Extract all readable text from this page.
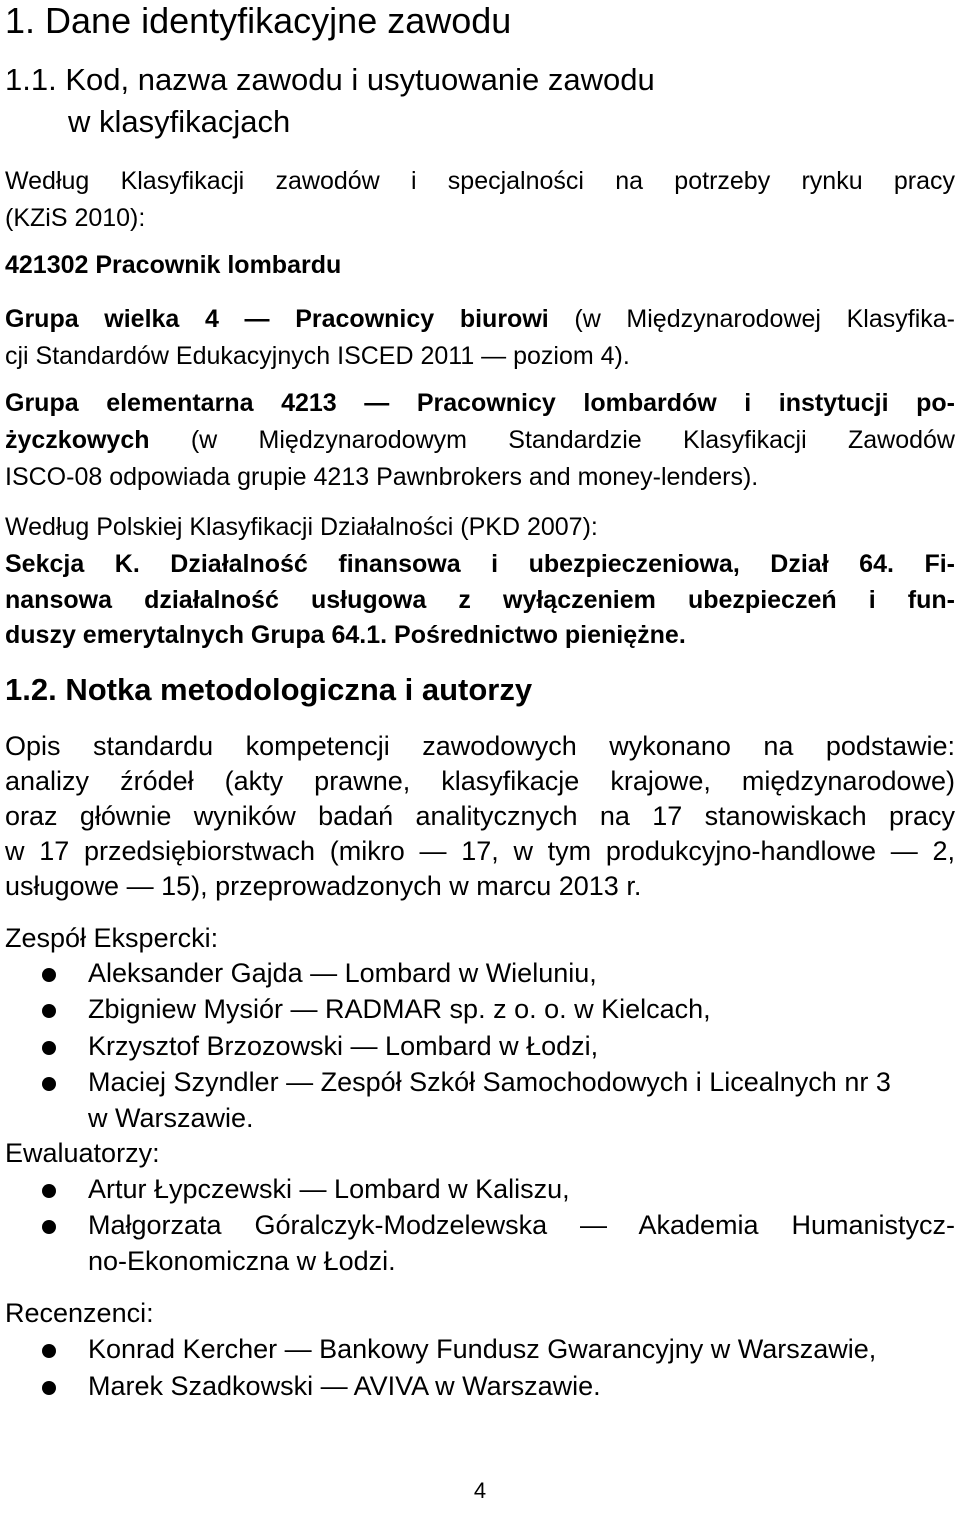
1. Dane identyfikacyjne zawodu
1.1. Kod, nazwa zawodu i usytuowanie zawodu
w klasyfikacjach
Według Klasyfikacji zawodów i specjalności na potrzeby rynku pracy
(KZiS 2010):
421302 Pracownik lombardu
Grupa wielka 4 — Pracownicy biurowi (w Międzynarodowej Klasyfika-
cji Standardów Edukacyjnych ISCED 2011 — poziom 4).
Grupa elementarna 4213 — Pracownicy lombardów i instytucji po-
życzkowych (w Międzynarodowym Standardzie Klasyfikacji Zawodów
ISCO-08 odpowiada grupie 4213 Pawnbrokers and money-lenders).
Według Polskiej Klasyfikacji Działalności (PKD 2007):
Sekcja K. Działalność finansowa i ubezpieczeniowa, Dział 64. Fi-
nansowa działalność usługowa z wyłączeniem ubezpieczeń i fun-
duszy emerytalnych Grupa 64.1. Pośrednictwo pieniężne.
1.2. Notka metodologiczna i autorzy
Opis standardu kompetencji zawodowych wykonano na podstawie:
analizy źródeł (akty prawne, klasyfikacje krajowe, międzynarodowe)
oraz głównie wyników badań analitycznych na 17 stanowiskach pracy
w 17 przedsiębiorstwach (mikro — 17, w tym produkcyjno-handlowe — 2,
usługowe — 15), przeprowadzonych w marcu 2013 r.
Zespół Ekspercki:
Aleksander Gajda — Lombard w Wieluniu,
Zbigniew Mysiór — RADMAR sp. z o. o. w Kielcach,
Krzysztof Brzozowski — Lombard w Łodzi,
Maciej Szyndler — Zespół Szkół Samochodowych i Licealnych nr 3
w Warszawie.
Ewaluatorzy:
Artur Łypczewski — Lombard w Kaliszu,
Małgorzata Góralczyk-Modzelewska — Akademia Humanistycz-
no-Ekonomiczna w Łodzi.
Recenzenci:
Konrad Kercher — Bankowy Fundusz Gwarancyjny w Warszawie,
Marek Szadkowski — AVIVA w Warszawie.
4
